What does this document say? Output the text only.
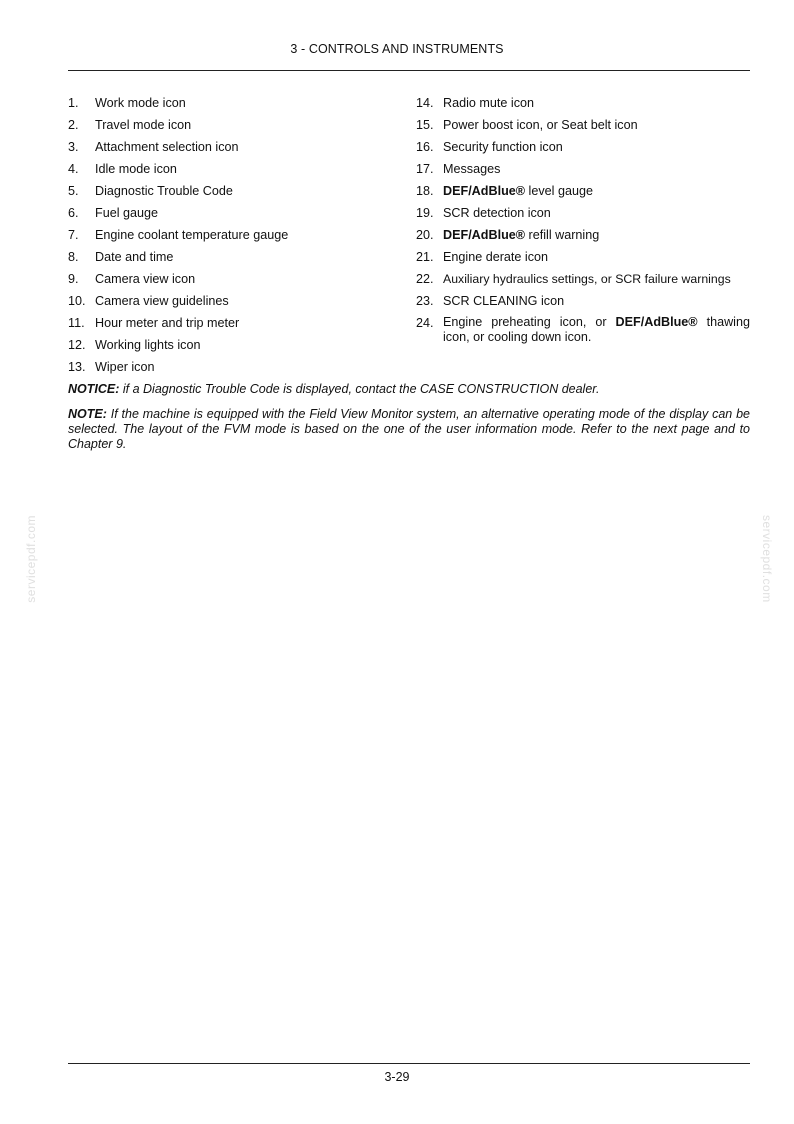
3 - CONTROLS AND INSTRUMENTS
1.	Work mode icon
2.	Travel mode icon
3.	Attachment selection icon
4.	Idle mode icon
5.	Diagnostic Trouble Code
6.	Fuel gauge
7.	Engine coolant temperature gauge
8.	Date and time
9.	Camera view icon
10. Camera view guidelines
11. Hour meter and trip meter
12. Working lights icon
13. Wiper icon
14. Radio mute icon
15. Power boost icon, or Seat belt icon
16. Security function icon
17. Messages
18. DEF/AdBlue® level gauge
19. SCR detection icon
20. DEF/AdBlue® refill warning
21. Engine derate icon
22. Auxiliary hydraulics settings, or SCR failure warnings
23. SCR CLEANING icon
24. Engine preheating icon, or DEF/AdBlue® thawing icon, or cooling down icon.
NOTICE: if a Diagnostic Trouble Code is displayed, contact the CASE CONSTRUCTION dealer.
NOTE: If the machine is equipped with the Field View Monitor system, an alternative operating mode of the display can be selected. The layout of the FVM mode is based on the one of the user information mode. Refer to the next page and to Chapter 9.
servicepdf.com	servicepdf.com
3-29
